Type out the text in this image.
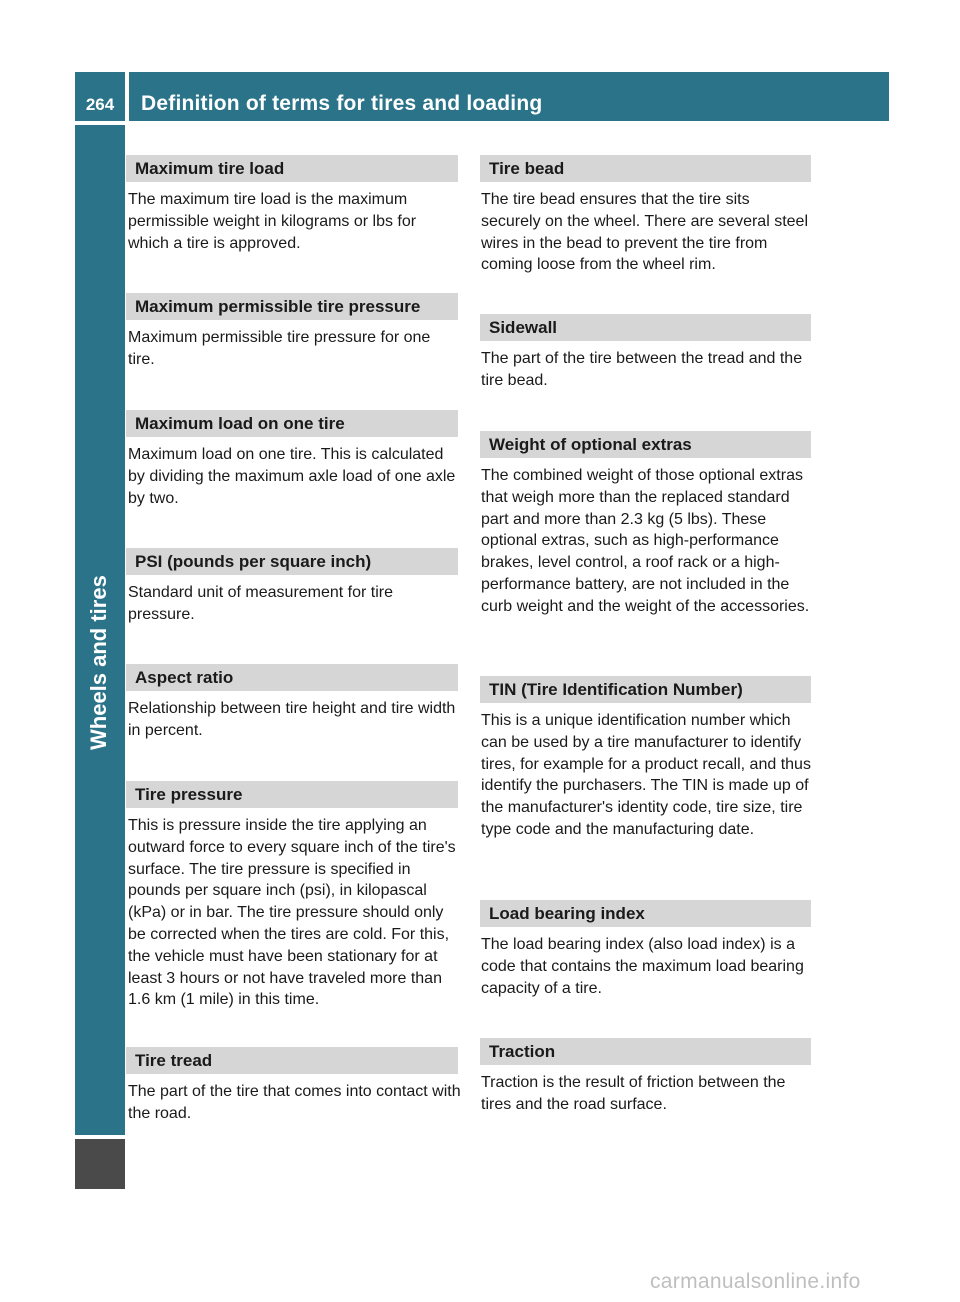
264	Definition of terms for tires and loading
Wheels and tires
Maximum tire load

The maximum tire load is the maximum permissible weight in kilograms or lbs for which a tire is approved.

Maximum permissible tire pressure

Maximum permissible tire pressure for one tire.

Maximum load on one tire

Maximum load on one tire. This is calculated by dividing the maximum axle load of one axle by two.

PSI (pounds per square inch)

Standard unit of measurement for tire pressure.

Aspect ratio

Relationship between tire height and tire width in percent.

Tire pressure

This is pressure inside the tire applying an outward force to every square inch of the tire's surface. The tire pressure is specified in pounds per square inch (psi), in kilopascal (kPa) or in bar. The tire pressure should only be corrected when the tires are cold. For this, the vehicle must have been stationary for at least 3 hours or not have traveled more than 1.6 km (1 mile) in this time.

Tire tread

The part of the tire that comes into contact with the road.

Tire bead

The tire bead ensures that the tire sits securely on the wheel. There are several steel wires in the bead to prevent the tire from coming loose from the wheel rim.

Sidewall

The part of the tire between the tread and the tire bead.

Weight of optional extras

The combined weight of those optional extras that weigh more than the replaced standard part and more than 2.3 kg (5 lbs). These optional extras, such as high-performance brakes, level control, a roof rack or a high-performance battery, are not included in the curb weight and the weight of the accessories.

TIN (Tire Identification Number)

This is a unique identification number which can be used by a tire manufacturer to identify tires, for example for a product recall, and thus identify the purchasers. The TIN is made up of the manufacturer's identity code, tire size, tire type code and the manufacturing date.

Load bearing index

The load bearing index (also load index) is a code that contains the maximum load bearing capacity of a tire.

Traction

Traction is the result of friction between the tires and the road surface.

carmanualsonline.info
